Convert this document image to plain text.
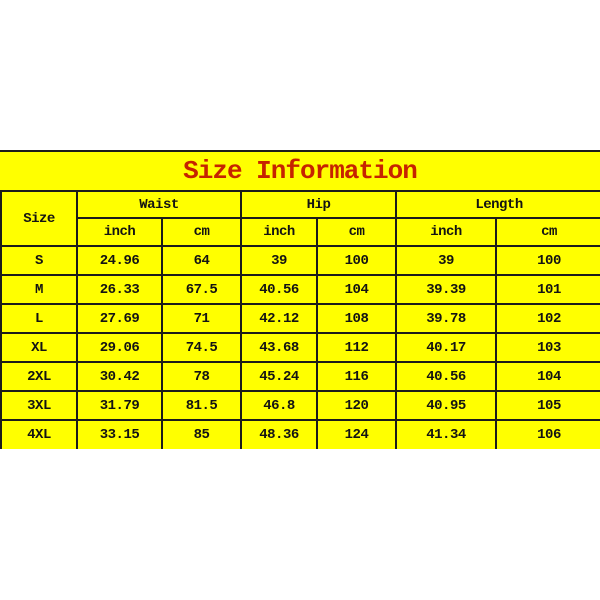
Size Information
Size	Waist		Hip		Length	
	inch	cm	inch	cm	inch	cm
S	24.96	64	39	100	39	100
M	26.33	67.5	40.56	104	39.39	101
L	27.69	71	42.12	108	39.78	102
XL	29.06	74.5	43.68	112	40.17	103
2XL	30.42	78	45.24	116	40.56	104
3XL	31.79	81.5	46.8	120	40.95	105
4XL	33.15	85	48.36	124	41.34	106
